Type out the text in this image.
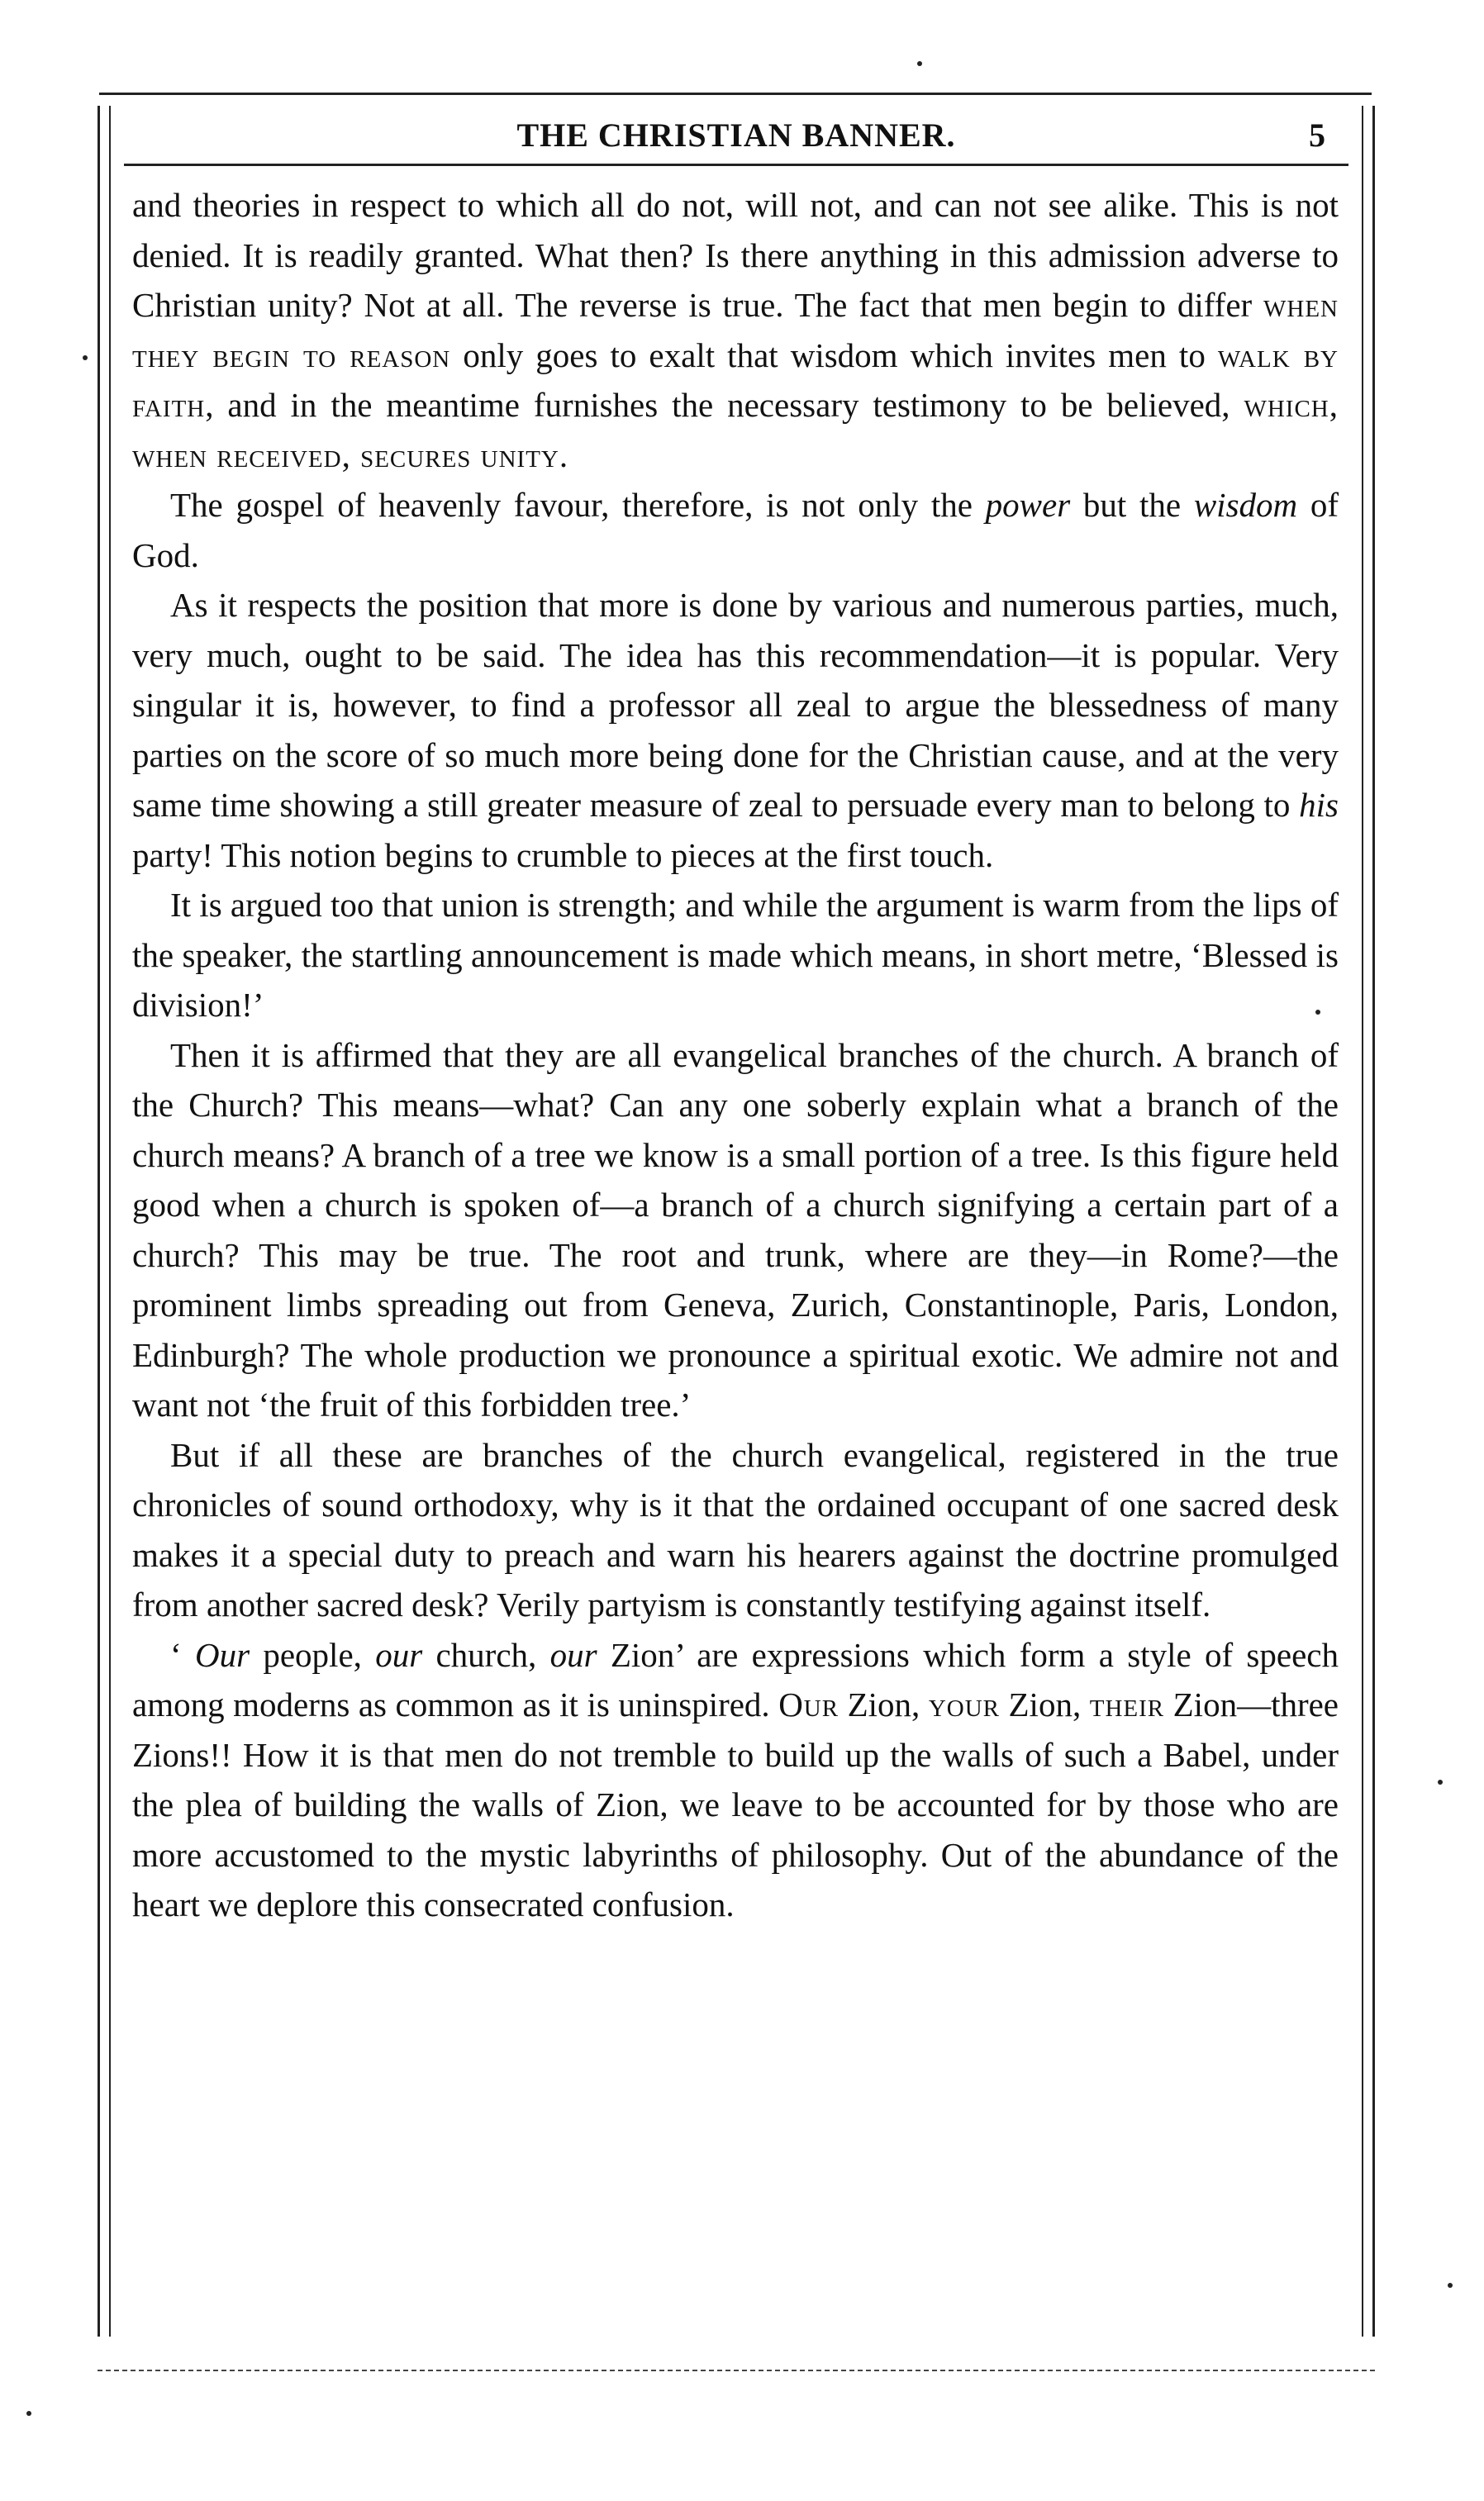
THE CHRISTIAN BANNER.	5

and theories in respect to which all do not, will not, and can not see alike. This is not denied. It is readily granted. What then? Is there anything in this admission adverse to Christian unity? Not at all. The reverse is true. The fact that men begin to differ when they begin to reason only goes to exalt that wisdom which invites men to walk by faith, and in the meantime furnishes the necessary testimony to be believed, which, when received, secures unity.

The gospel of heavenly favour, therefore, is not only the power but the wisdom of God.

As it respects the position that more is done by various and numerous parties, much, very much, ought to be said. The idea has this recommendation—it is popular. Very singular it is, however, to find a professor all zeal to argue the blessedness of many parties on the score of so much more being done for the Christian cause, and at the very same time showing a still greater measure of zeal to persuade every man to belong to his party! This notion begins to crumble to pieces at the first touch.

It is argued too that union is strength; and while the argument is warm from the lips of the speaker, the startling announcement is made which means, in short metre, ‘Blessed is division!’

Then it is affirmed that they are all evangelical branches of the church. A branch of the Church? This means—what? Can any one soberly explain what a branch of the church means? A branch of a tree we know is a small portion of a tree. Is this figure held good when a church is spoken of—a branch of a church signifying a certain part of a church? This may be true. The root and trunk, where are they—in Rome?—the prominent limbs spreading out from Geneva, Zurich, Constantinople, Paris, London, Edinburgh? The whole production we pronounce a spiritual exotic. We admire not and want not ‘the fruit of this forbidden tree.’

But if all these are branches of the church evangelical, registered in the true chronicles of sound orthodoxy, why is it that the ordained occupant of one sacred desk makes it a special duty to preach and warn his hearers against the doctrine promulged from another sacred desk? Verily partyism is constantly testifying against itself.

‘ Our people, our church, our Zion’ are expressions which form a style of speech among moderns as common as it is uninspired. Our Zion, your Zion, their Zion—three Zions!! How it is that men do not tremble to build up the walls of such a Babel, under the plea of building the walls of Zion, we leave to be accounted for by those who are more accustomed to the mystic labyrinths of philosophy. Out of the abundance of the heart we deplore this consecrated confusion.
